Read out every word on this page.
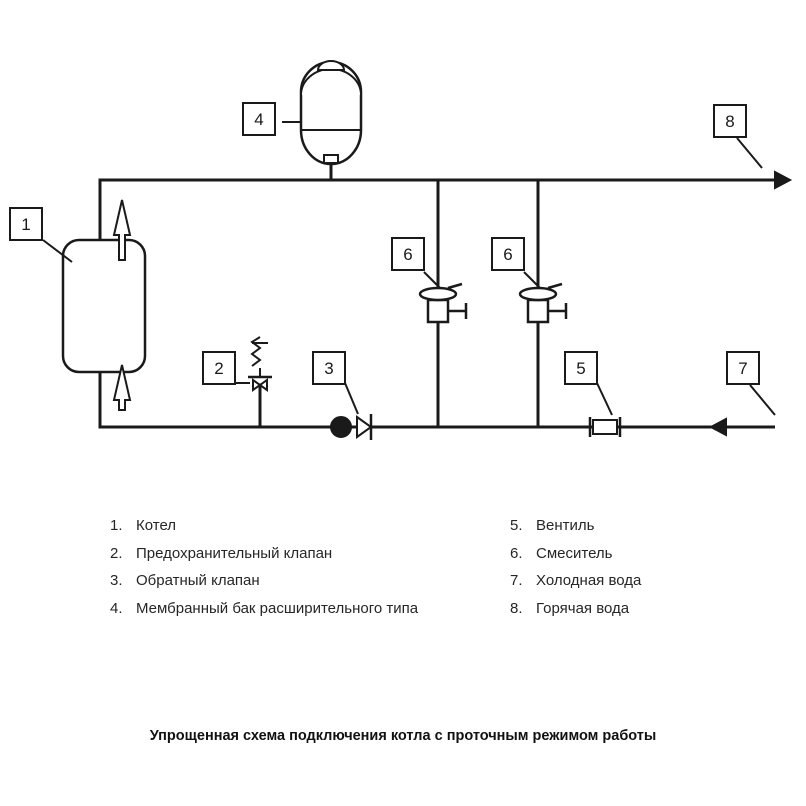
1
2	3
4
5
6	6
7
8
1. Котел
2. Предохранительный клапан
3. Обратный клапан
4. Мембранный бак расширительного типа
5. Вентиль
6. Смеситель
7. Холодная вода
8. Горячая вода
Упрощенная схема подключения котла с проточным режимом работы
